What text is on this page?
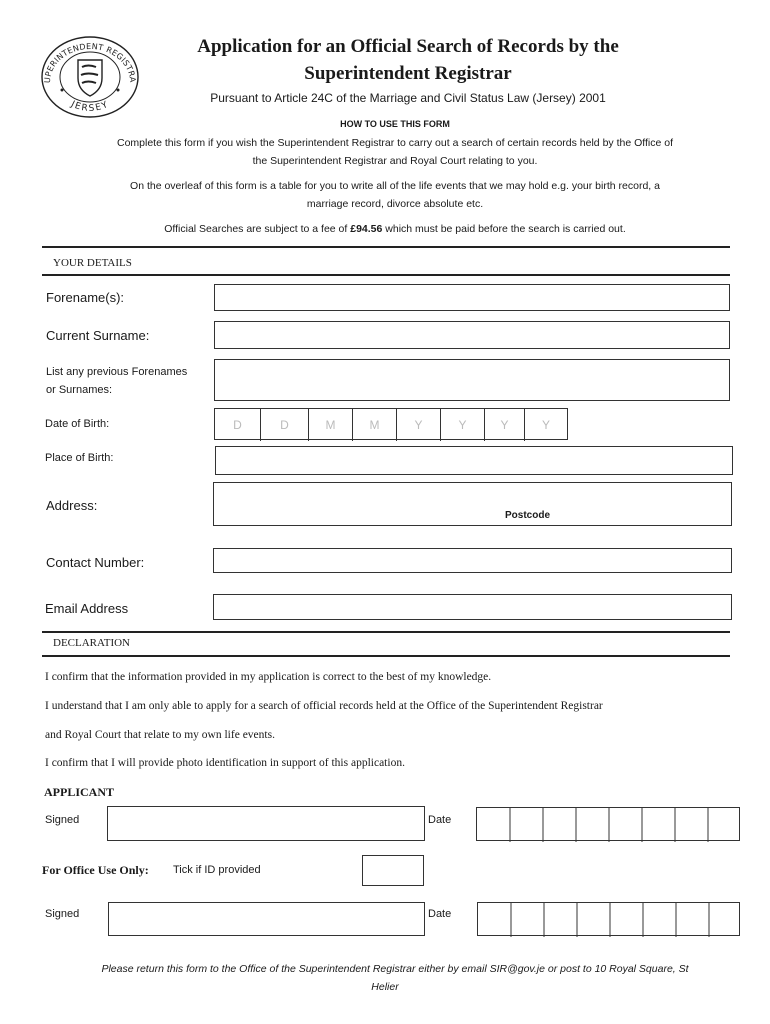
UPERINTENDENT REGISTRA
JERSEY
Application for an Official Search of Records by the
Superintendent Registrar
Pursuant to Article 24C of the Marriage and Civil Status Law (Jersey) 2001
HOW TO USE THIS FORM
Complete this form if you wish the Superintendent Registrar to carry out a search of certain records held by the Office of
the Superintendent Registrar and Royal Court relating to you.
On the overleaf of this form is a table for you to write all of the life events that we may hold e.g. your birth record, a
marriage record, divorce absolute etc.
Official Searches are subject to a fee of £94.56 which must be paid before the search is carried out.
YOUR DETAILS
Forename(s):
Current Surname:
List any previous Forenames
or Surnames:
Date of Birth:	D	D	M	M	Y	Y	Y	Y
Place of Birth:
Address:
Postcode
Contact Number:
Email Address
DECLARATION
I confirm that the information provided in my application is correct to the best of my knowledge.
I understand that I am only able to apply for a search of official records held at the Office of the Superintendent Registrar
and Royal Court that relate to my own life events.
I confirm that I will provide photo identification in support of this application.
APPLICANT
Signed	Date
For Office Use Only: Tick if ID provided
Signed	Date
Please return this form to the Office of the Superintendent Registrar either by email SIR@gov.je or post to 10 Royal Square, St
Helier
